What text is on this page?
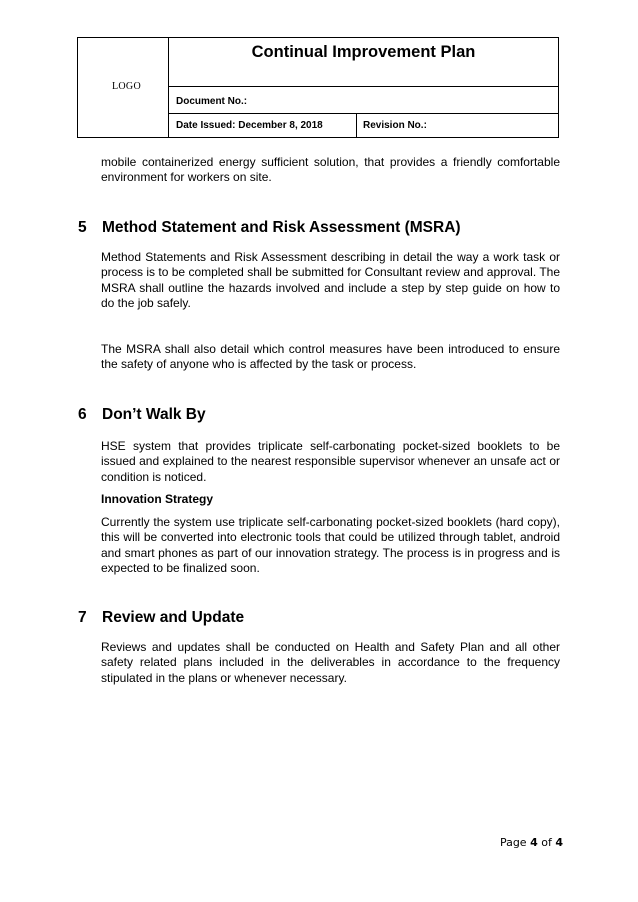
LOGO
Continual Improvement Plan
Document No.:
Date Issued: December 8, 2018	Revision No.:

mobile containerized energy sufficient solution, that provides a friendly comfortable environment for workers on site.

5 Method Statement and Risk Assessment (MSRA)

Method Statements and Risk Assessment describing in detail the way a work task or process is to be completed shall be submitted for Consultant review and approval. The MSRA shall outline the hazards involved and include a step by step guide on how to do the job safely.

The MSRA shall also detail which control measures have been introduced to ensure the safety of anyone who is affected by the task or process.

6 Don’t Walk By

HSE system that provides triplicate self-carbonating pocket-sized booklets to be issued and explained to the nearest responsible supervisor whenever an unsafe act or condition is noticed.

Innovation Strategy

Currently the system use triplicate self-carbonating pocket-sized booklets (hard copy), this will be converted into electronic tools that could be utilized through tablet, android and smart phones as part of our innovation strategy. The process is in progress and is expected to be finalized soon.

7 Review and Update

Reviews and updates shall be conducted on Health and Safety Plan and all other safety related plans included in the deliverables in accordance to the frequency stipulated in the plans or whenever necessary.

Page 4 of 4
